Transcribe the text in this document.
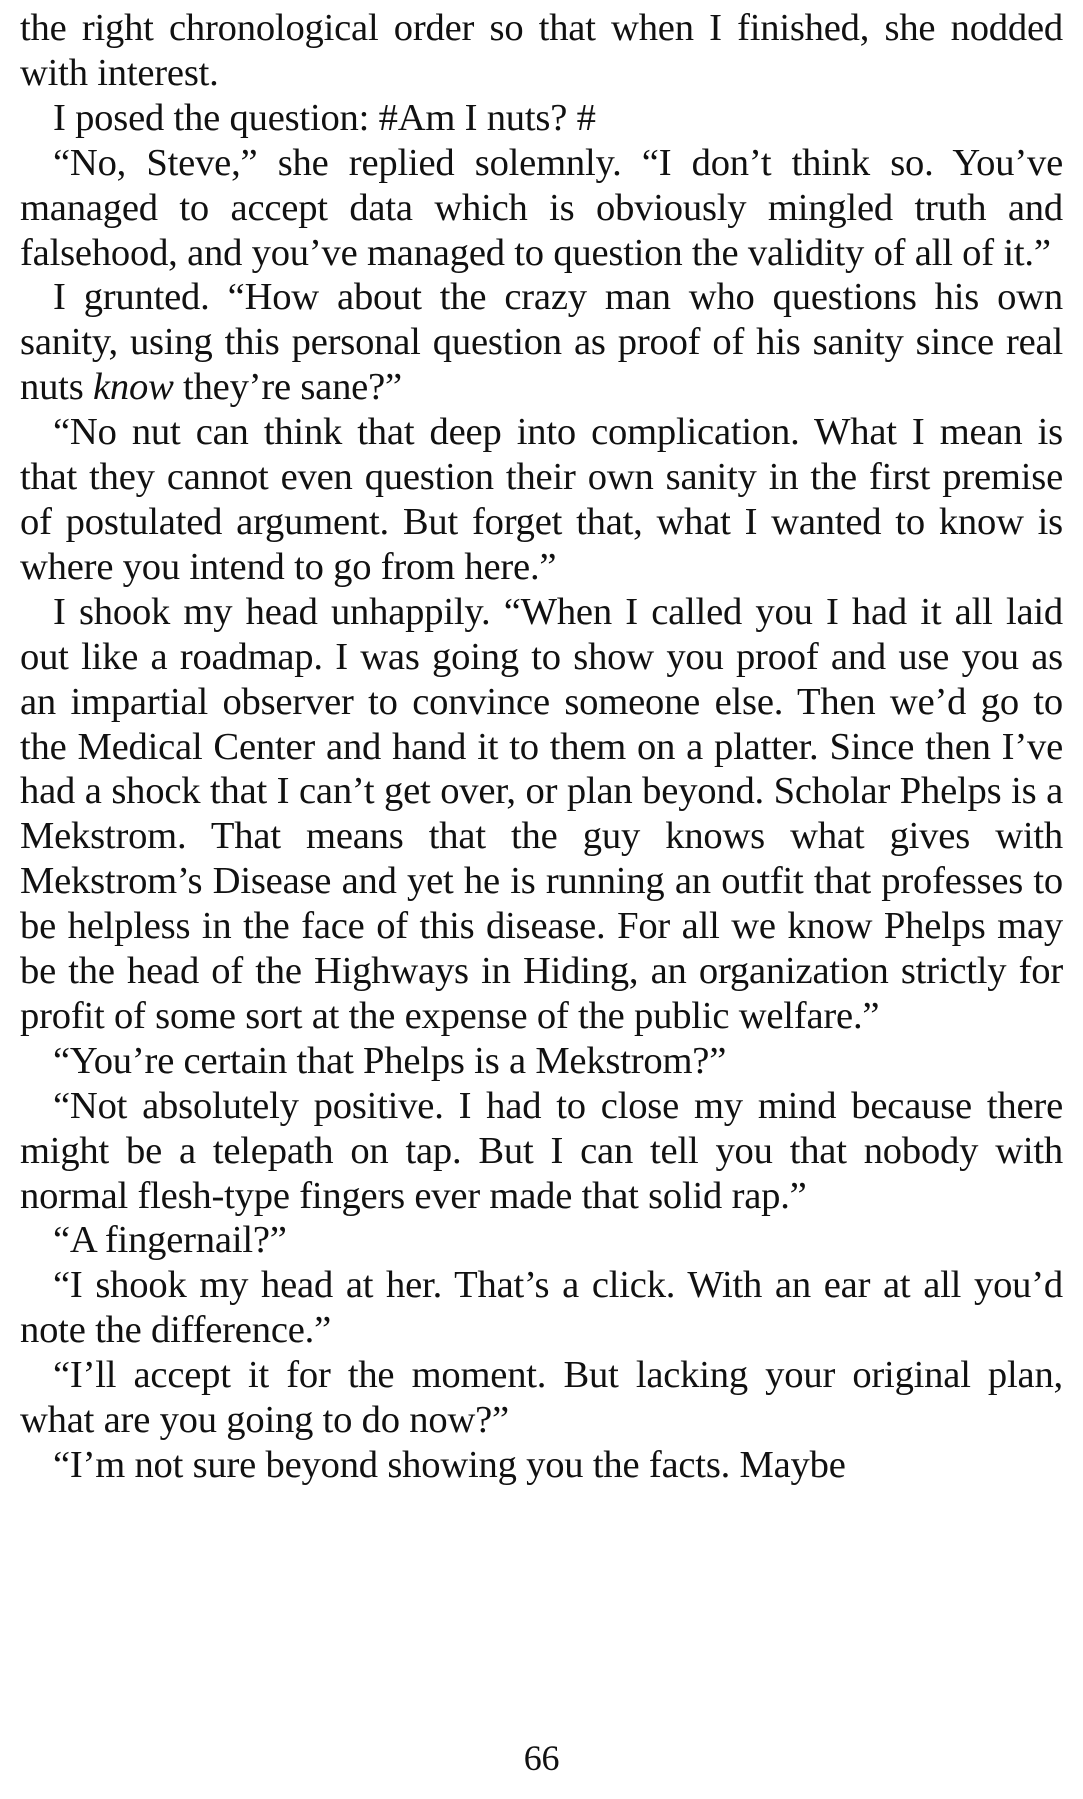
the right chronological order so that when I finished, she nodded with interest.

I posed the question: #Am I nuts? #

“No, Steve,” she replied solemnly. “I don’t think so. You’ve managed to accept data which is obviously mingled truth and falsehood, and you’ve managed to question the validity of all of it.”

I grunted. “How about the crazy man who questions his own sanity, using this personal question as proof of his sanity since real nuts know they’re sane?”

“No nut can think that deep into complication. What I mean is that they cannot even question their own sanity in the first premise of postulated argument. But forget that, what I wanted to know is where you intend to go from here.”

I shook my head unhappily. “When I called you I had it all laid out like a roadmap. I was going to show you proof and use you as an impartial observer to convince someone else. Then we’d go to the Medical Center and hand it to them on a platter. Since then I’ve had a shock that I can’t get over, or plan beyond. Scholar Phelps is a Mekstrom. That means that the guy knows what gives with Mekstrom’s Disease and yet he is running an outfit that professes to be helpless in the face of this disease. For all we know Phelps may be the head of the Highways in Hiding, an organization strictly for profit of some sort at the expense of the public welfare.”

“You’re certain that Phelps is a Mekstrom?”

“Not absolutely positive. I had to close my mind because there might be a telepath on tap. But I can tell you that nobody with normal flesh-type fingers ever made that solid rap.”

“A fingernail?”

“I shook my head at her. That’s a click. With an ear at all you’d note the difference.”

“I’ll accept it for the moment. But lacking your original plan, what are you going to do now?”

“I’m not sure beyond showing you the facts. Maybe

66
